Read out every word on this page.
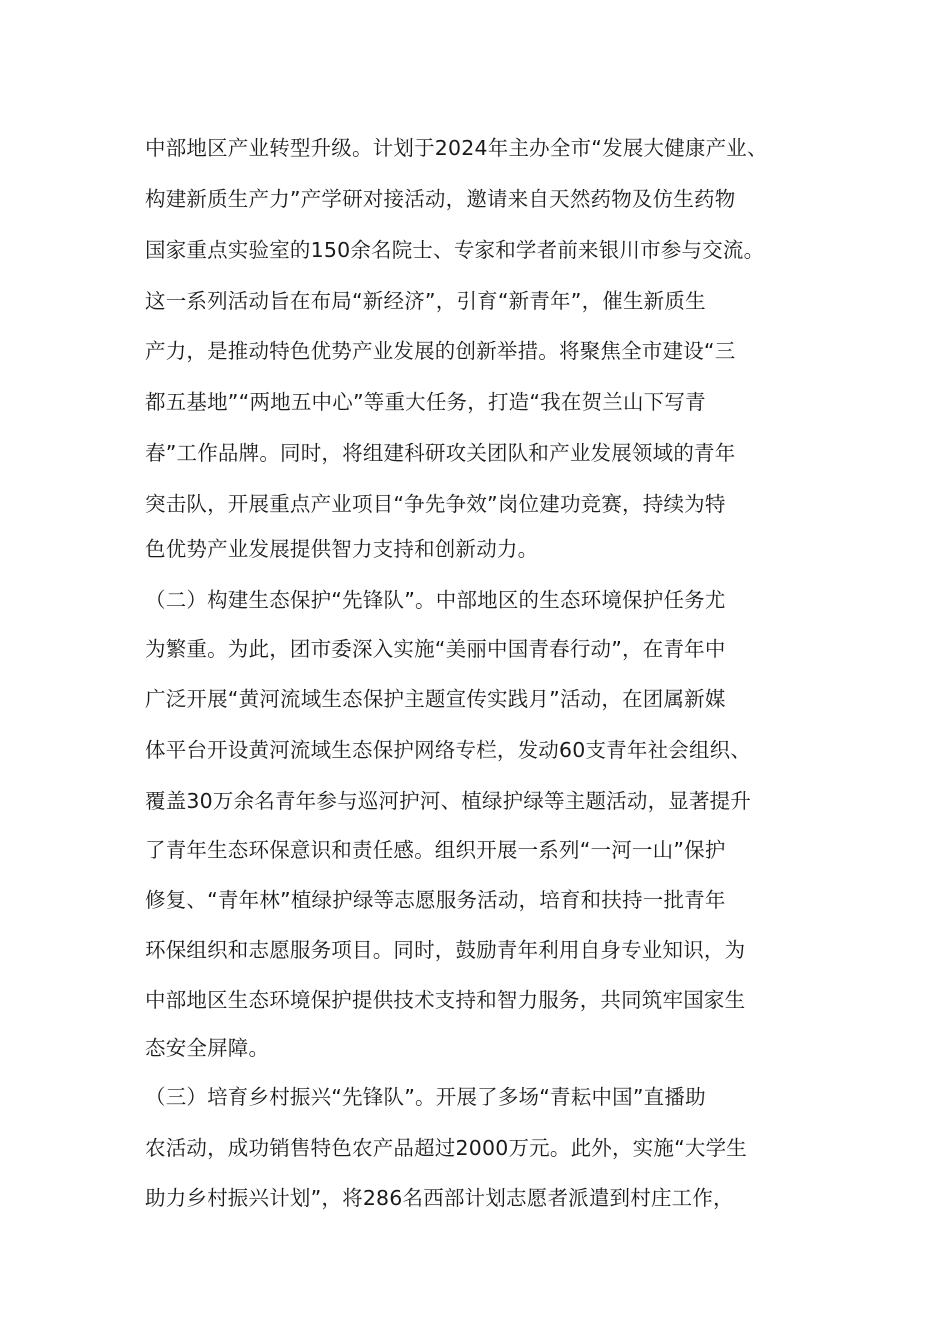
中部地区产业转型升级。计划于2024年主办全市“发展大健康产业、
构建新质生产力”产学研对接活动，邀请来自天然药物及仿生药物
国家重点实验室的150余名院士、专家和学者前来银川市参与交流。
这一系列活动旨在布局“新经济”，引育“新青年”，催生新质生
产力，是推动特色优势产业发展的创新举措。将聚焦全市建设“三
都五基地”“两地五中心”等重大任务，打造“我在贺兰山下写青
春”工作品牌。同时，将组建科研攻关团队和产业发展领域的青年
突击队，开展重点产业项目“争先争效”岗位建功竞赛，持续为特
色优势产业发展提供智力支持和创新动力。
（二）构建生态保护“先锋队”。中部地区的生态环境保护任务尤
为繁重。为此，团市委深入实施“美丽中国青春行动”，在青年中
广泛开展“黄河流域生态保护主题宣传实践月”活动，在团属新媒
体平台开设黄河流域生态保护网络专栏，发动60支青年社会组织、
覆盖30万余名青年参与巡河护河、植绿护绿等主题活动，显著提升
了青年生态环保意识和责任感。组织开展一系列“一河一山”保护
修复、“青年林”植绿护绿等志愿服务活动，培育和扶持一批青年
环保组织和志愿服务项目。同时，鼓励青年利用自身专业知识，为
中部地区生态环境保护提供技术支持和智力服务，共同筑牢国家生
态安全屏障。
（三）培育乡村振兴“先锋队”。开展了多场“青耘中国”直播助
农活动，成功销售特色农产品超过2000万元。此外，实施“大学生
助力乡村振兴计划”，将286名西部计划志愿者派遣到村庄工作，
